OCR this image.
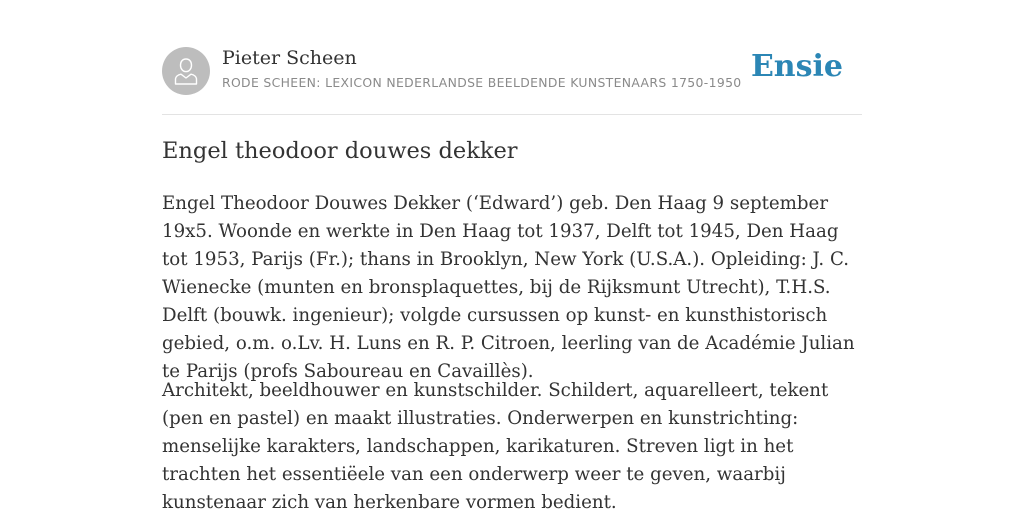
Pieter Scheen
RODE SCHEEN: LEXICON NEDERLANDSE BEELDENDE KUNSTENAARS 1750-1950 Ensie
Engel theodoor douwes dekker

Engel Theodoor Douwes Dekker (‘Edward’) geb. Den Haag 9 september 19x5. Woonde en werkte in Den Haag tot 1937, Delft tot 1945, Den Haag tot 1953, Parijs (Fr.); thans in Brooklyn, New York (U.S.A.). Opleiding: J. C. Wienecke (munten en bronsplaquettes, bij de Rijksmunt Utrecht), T.H.S. Delft (bouwk. ingenieur); volgde cursussen op kunst- en kunsthistorisch gebied, o.m. o.Lv. H. Luns en R. P. Citroen, leerling van de Académie Julian te Parijs (profs Saboureau en Cavaillès).

Architekt, beeldhouwer en kunstschilder. Schildert, aquarelleert, tekent (pen en pastel) en maakt illustraties. Onderwerpen en kunstrichting: menselijke karakters, landschappen, karikaturen. Streven ligt in het trachten het essentiëele van een onderwerp weer te geven, waarbij kunstenaar zich van herkenbare vormen bedient.
